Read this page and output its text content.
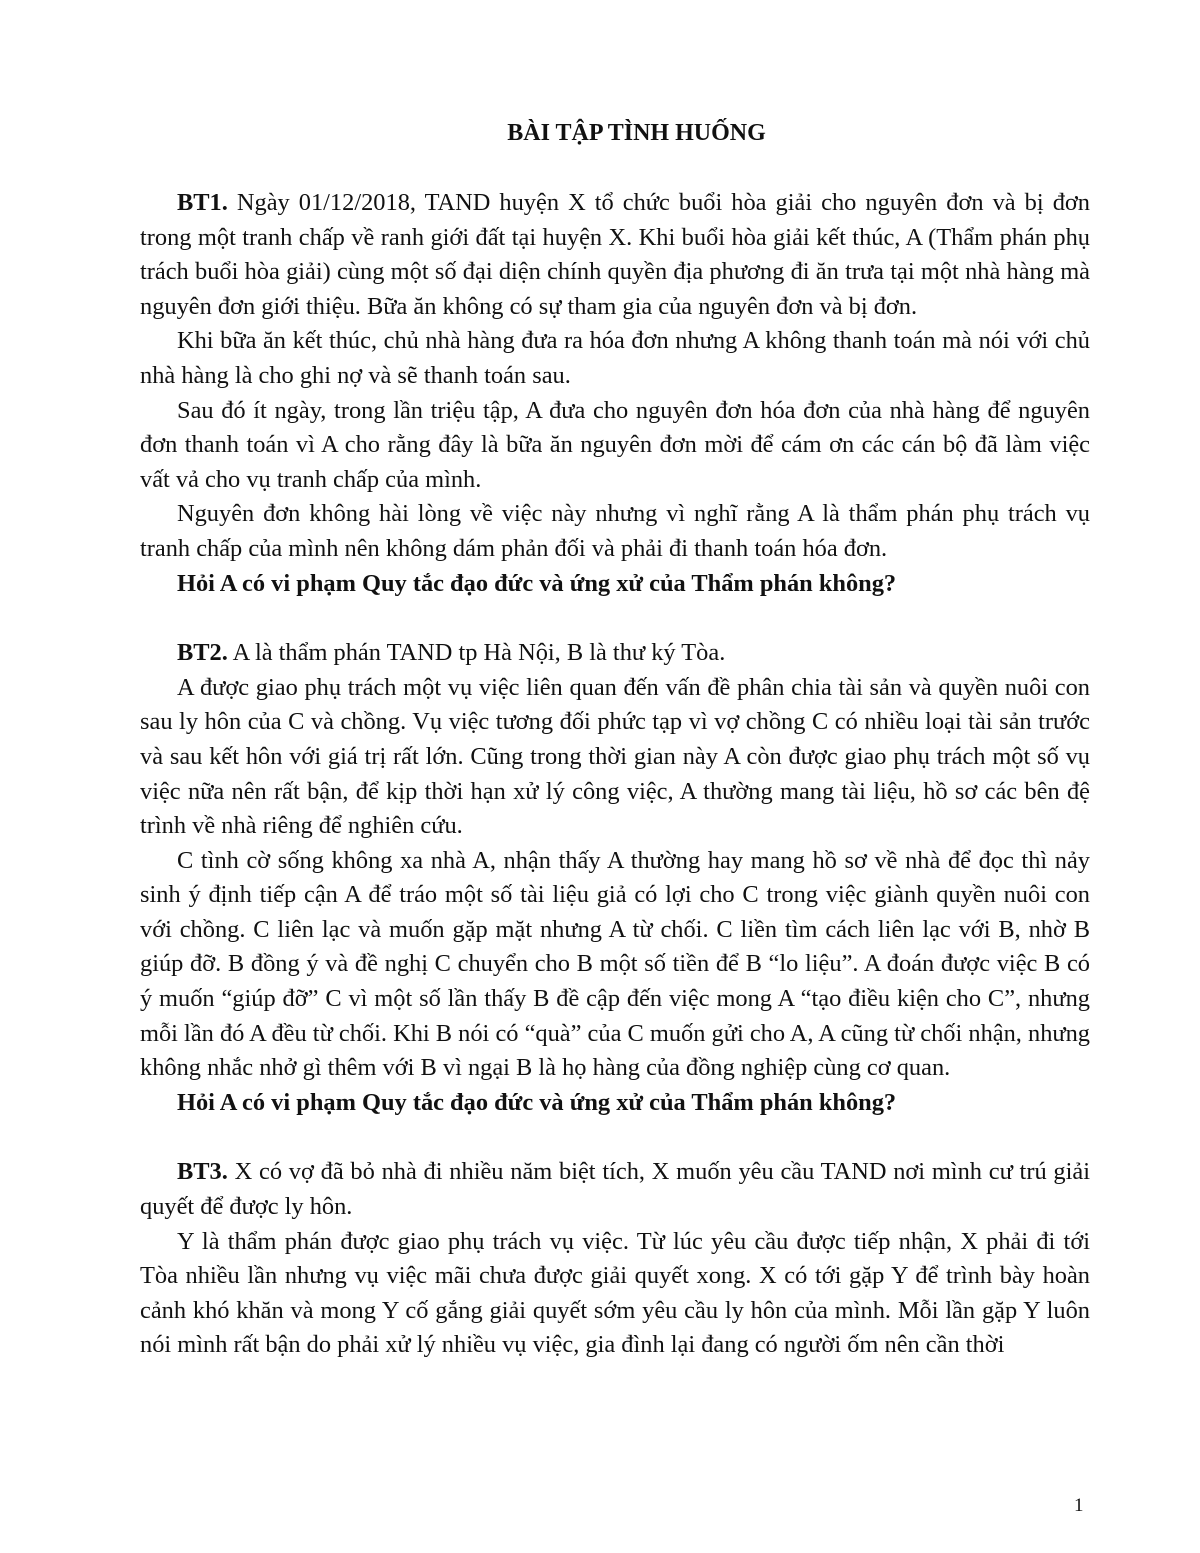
BÀI TẬP TÌNH HUỐNG

BT1. Ngày 01/12/2018, TAND huyện X tổ chức buổi hòa giải cho nguyên đơn và bị đơn trong một tranh chấp về ranh giới đất tại huyện X. Khi buổi hòa giải kết thúc, A (Thẩm phán phụ trách buổi hòa giải) cùng một số đại diện chính quyền địa phương đi ăn trưa tại một nhà hàng mà nguyên đơn giới thiệu. Bữa ăn không có sự tham gia của nguyên đơn và bị đơn.

Khi bữa ăn kết thúc, chủ nhà hàng đưa ra hóa đơn nhưng A không thanh toán mà nói với chủ nhà hàng là cho ghi nợ và sẽ thanh toán sau.

Sau đó ít ngày, trong lần triệu tập, A đưa cho nguyên đơn hóa đơn của nhà hàng để nguyên đơn thanh toán vì A cho rằng đây là bữa ăn nguyên đơn mời để cám ơn các cán bộ đã làm việc vất vả cho vụ tranh chấp của mình.

Nguyên đơn không hài lòng về việc này nhưng vì nghĩ rằng A là thẩm phán phụ trách vụ tranh chấp của mình nên không dám phản đối và phải đi thanh toán hóa đơn.

Hỏi A có vi phạm Quy tắc đạo đức và ứng xử của Thẩm phán không?

BT2. A là thẩm phán TAND tp Hà Nội, B là thư ký Tòa.

A được giao phụ trách một vụ việc liên quan đến vấn đề phân chia tài sản và quyền nuôi con sau ly hôn của C và chồng. Vụ việc tương đối phức tạp vì vợ chồng C có nhiều loại tài sản trước và sau kết hôn với giá trị rất lớn. Cũng trong thời gian này A còn được giao phụ trách một số vụ việc nữa nên rất bận, để kịp thời hạn xử lý công việc, A thường mang tài liệu, hồ sơ các bên đệ trình về nhà riêng để nghiên cứu.

C tình cờ sống không xa nhà A, nhận thấy A thường hay mang hồ sơ về nhà để đọc thì nảy sinh ý định tiếp cận A để tráo một số tài liệu giả có lợi cho C trong việc giành quyền nuôi con với chồng. C liên lạc và muốn gặp mặt nhưng A từ chối. C liền tìm cách liên lạc với B, nhờ B giúp đỡ. B đồng ý và đề nghị C chuyển cho B một số tiền để B “lo liệu”. A đoán được việc B có ý muốn “giúp đỡ” C vì một số lần thấy B đề cập đến việc mong A “tạo điều kiện cho C”, nhưng mỗi lần đó A đều từ chối. Khi B nói có “quà” của C muốn gửi cho A, A cũng từ chối nhận, nhưng không nhắc nhở gì thêm với B vì ngại B là họ hàng của đồng nghiệp cùng cơ quan.

Hỏi A có vi phạm Quy tắc đạo đức và ứng xử của Thẩm phán không?

BT3. X có vợ đã bỏ nhà đi nhiều năm biệt tích, X muốn yêu cầu TAND nơi mình cư trú giải quyết để được ly hôn.

Y là thẩm phán được giao phụ trách vụ việc. Từ lúc yêu cầu được tiếp nhận, X phải đi tới Tòa nhiều lần nhưng vụ việc mãi chưa được giải quyết xong. X có tới gặp Y để trình bày hoàn cảnh khó khăn và mong Y cố gắng giải quyết sớm yêu cầu ly hôn của mình. Mỗi lần gặp Y luôn nói mình rất bận do phải xử lý nhiều vụ việc, gia đình lại đang có người ốm nên cần thời

1
